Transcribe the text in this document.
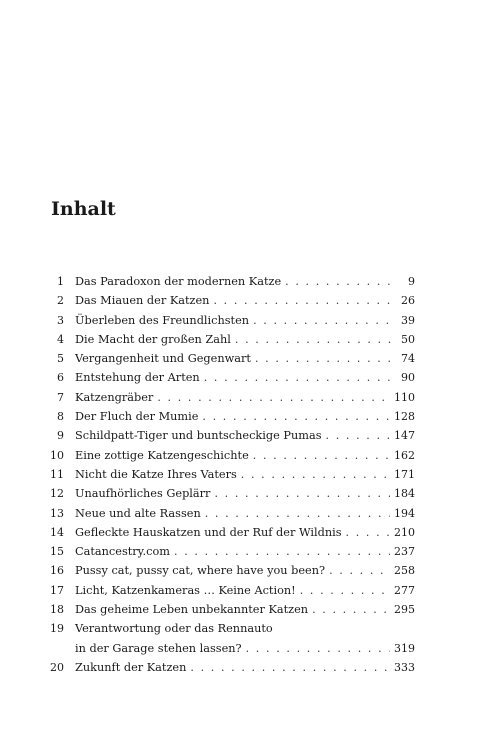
Inhalt
1 Das Paradoxon der modernen Katze . . .	9
2 Das Miauen der Katzen . . .	26
3 Überleben des Freundlichsten . . .	39
4 Die Macht der großen Zahl . . .	50
5 Vergangenheit und Gegenwart . . .	74
6 Entstehung der Arten . . .	90
7 Katzengräber . . .	110
8 Der Fluch der Mumie . . .	128
9 Schildpatt-Tiger und buntscheckige Pumas . . .	147
10 Eine zottige Katzengeschichte . . .	162
11 Nicht die Katze Ihres Vaters . . .	171
12 Unaufhörliches Geplärr . . .	184
13 Neue und alte Rassen . . .	194
14 Gefleckte Hauskatzen und der Ruf der Wildnis . . .	210
15 Catancestry.com . . .	237
16 Pussy cat, pussy cat, where have you been? . . .	258
17 Licht, Katzenkameras … Keine Action! . . .	277
18 Das geheime Leben unbekannter Katzen . . .	295
19 Verantwortung oder das Rennauto
in der Garage stehen lassen? . . .	319
20 Zukunft der Katzen . . .	333
